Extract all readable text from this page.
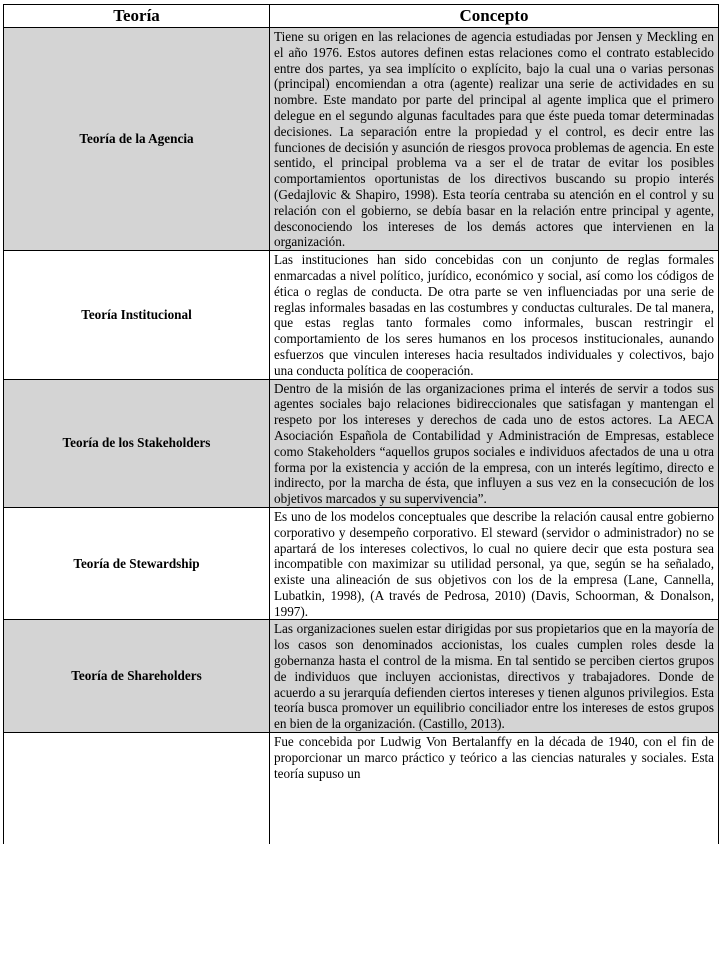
Teoría	Concepto
Teoría de la Agencia	Tiene su origen en las relaciones de agencia estudiadas por Jensen y Meckling en el año 1976. Estos autores definen estas relaciones como el contrato establecido entre dos partes, ya sea implícito o explícito, bajo la cual una o varias personas (principal) encomiendan a otra (agente) realizar una serie de actividades en su nombre. Este mandato por parte del principal al agente implica que el primero delegue en el segundo algunas facultades para que éste pueda tomar determinadas decisiones. La separación entre la propiedad y el control, es decir entre las funciones de decisión y asunción de riesgos provoca problemas de agencia. En este sentido, el principal problema va a ser el de tratar de evitar los posibles comportamientos oportunistas de los directivos buscando su propio interés (Gedajlovic & Shapiro, 1998). Esta teoría centraba su atención en el control y su relación con el gobierno, se debía basar en la relación entre principal y agente, desconociendo los intereses de los demás actores que intervienen en la organización.
Teoría Institucional	Las instituciones han sido concebidas con un conjunto de reglas formales enmarcadas a nivel político, jurídico, económico y social, así como los códigos de ética o reglas de conducta. De otra parte se ven influenciadas por una serie de reglas informales basadas en las costumbres y conductas culturales. De tal manera, que estas reglas tanto formales como informales, buscan restringir el comportamiento de los seres humanos en los procesos institucionales, aunando esfuerzos que vinculen intereses hacia resultados individuales y colectivos, bajo una conducta política de cooperación.
Teoría de los Stakeholders	Dentro de la misión de las organizaciones prima el interés de servir a todos sus agentes sociales bajo relaciones bidireccionales que satisfagan y mantengan el respeto por los intereses y derechos de cada uno de estos actores. La AECA Asociación Española de Contabilidad y Administración de Empresas, establece como Stakeholders “aquellos grupos sociales e individuos afectados de una u otra forma por la existencia y acción de la empresa, con un interés legítimo, directo e indirecto, por la marcha de ésta, que influyen a sus vez en la consecución de los objetivos marcados y su supervivencia”.
Teoría de Stewardship	Es uno de los modelos conceptuales que describe la relación causal entre gobierno corporativo y desempeño corporativo. El steward (servidor o administrador) no se apartará de los intereses colectivos, lo cual no quiere decir que esta postura sea incompatible con maximizar su utilidad personal, ya que, según se ha señalado, existe una alineación de sus objetivos con los de la empresa (Lane, Cannella, Lubatkin, 1998), (A través de Pedrosa, 2010) (Davis, Schoorman, & Donalson, 1997).
Teoría de Shareholders	Las organizaciones suelen estar dirigidas por sus propietarios que en la mayoría de los casos son denominados accionistas, los cuales cumplen roles desde la gobernanza hasta el control de la misma. En tal sentido se perciben ciertos grupos de individuos que incluyen accionistas, directivos y trabajadores. Donde de acuerdo a su jerarquía defienden ciertos intereses y tienen algunos privilegios. Esta teoría busca promover un equilibrio conciliador entre los intereses de estos grupos en bien de la organización. (Castillo, 2013).
	Fue concebida por Ludwig Von Bertalanffy en la década de 1940, con el fin de proporcionar un marco práctico y teórico a las ciencias naturales y sociales. Esta teoría supuso un
